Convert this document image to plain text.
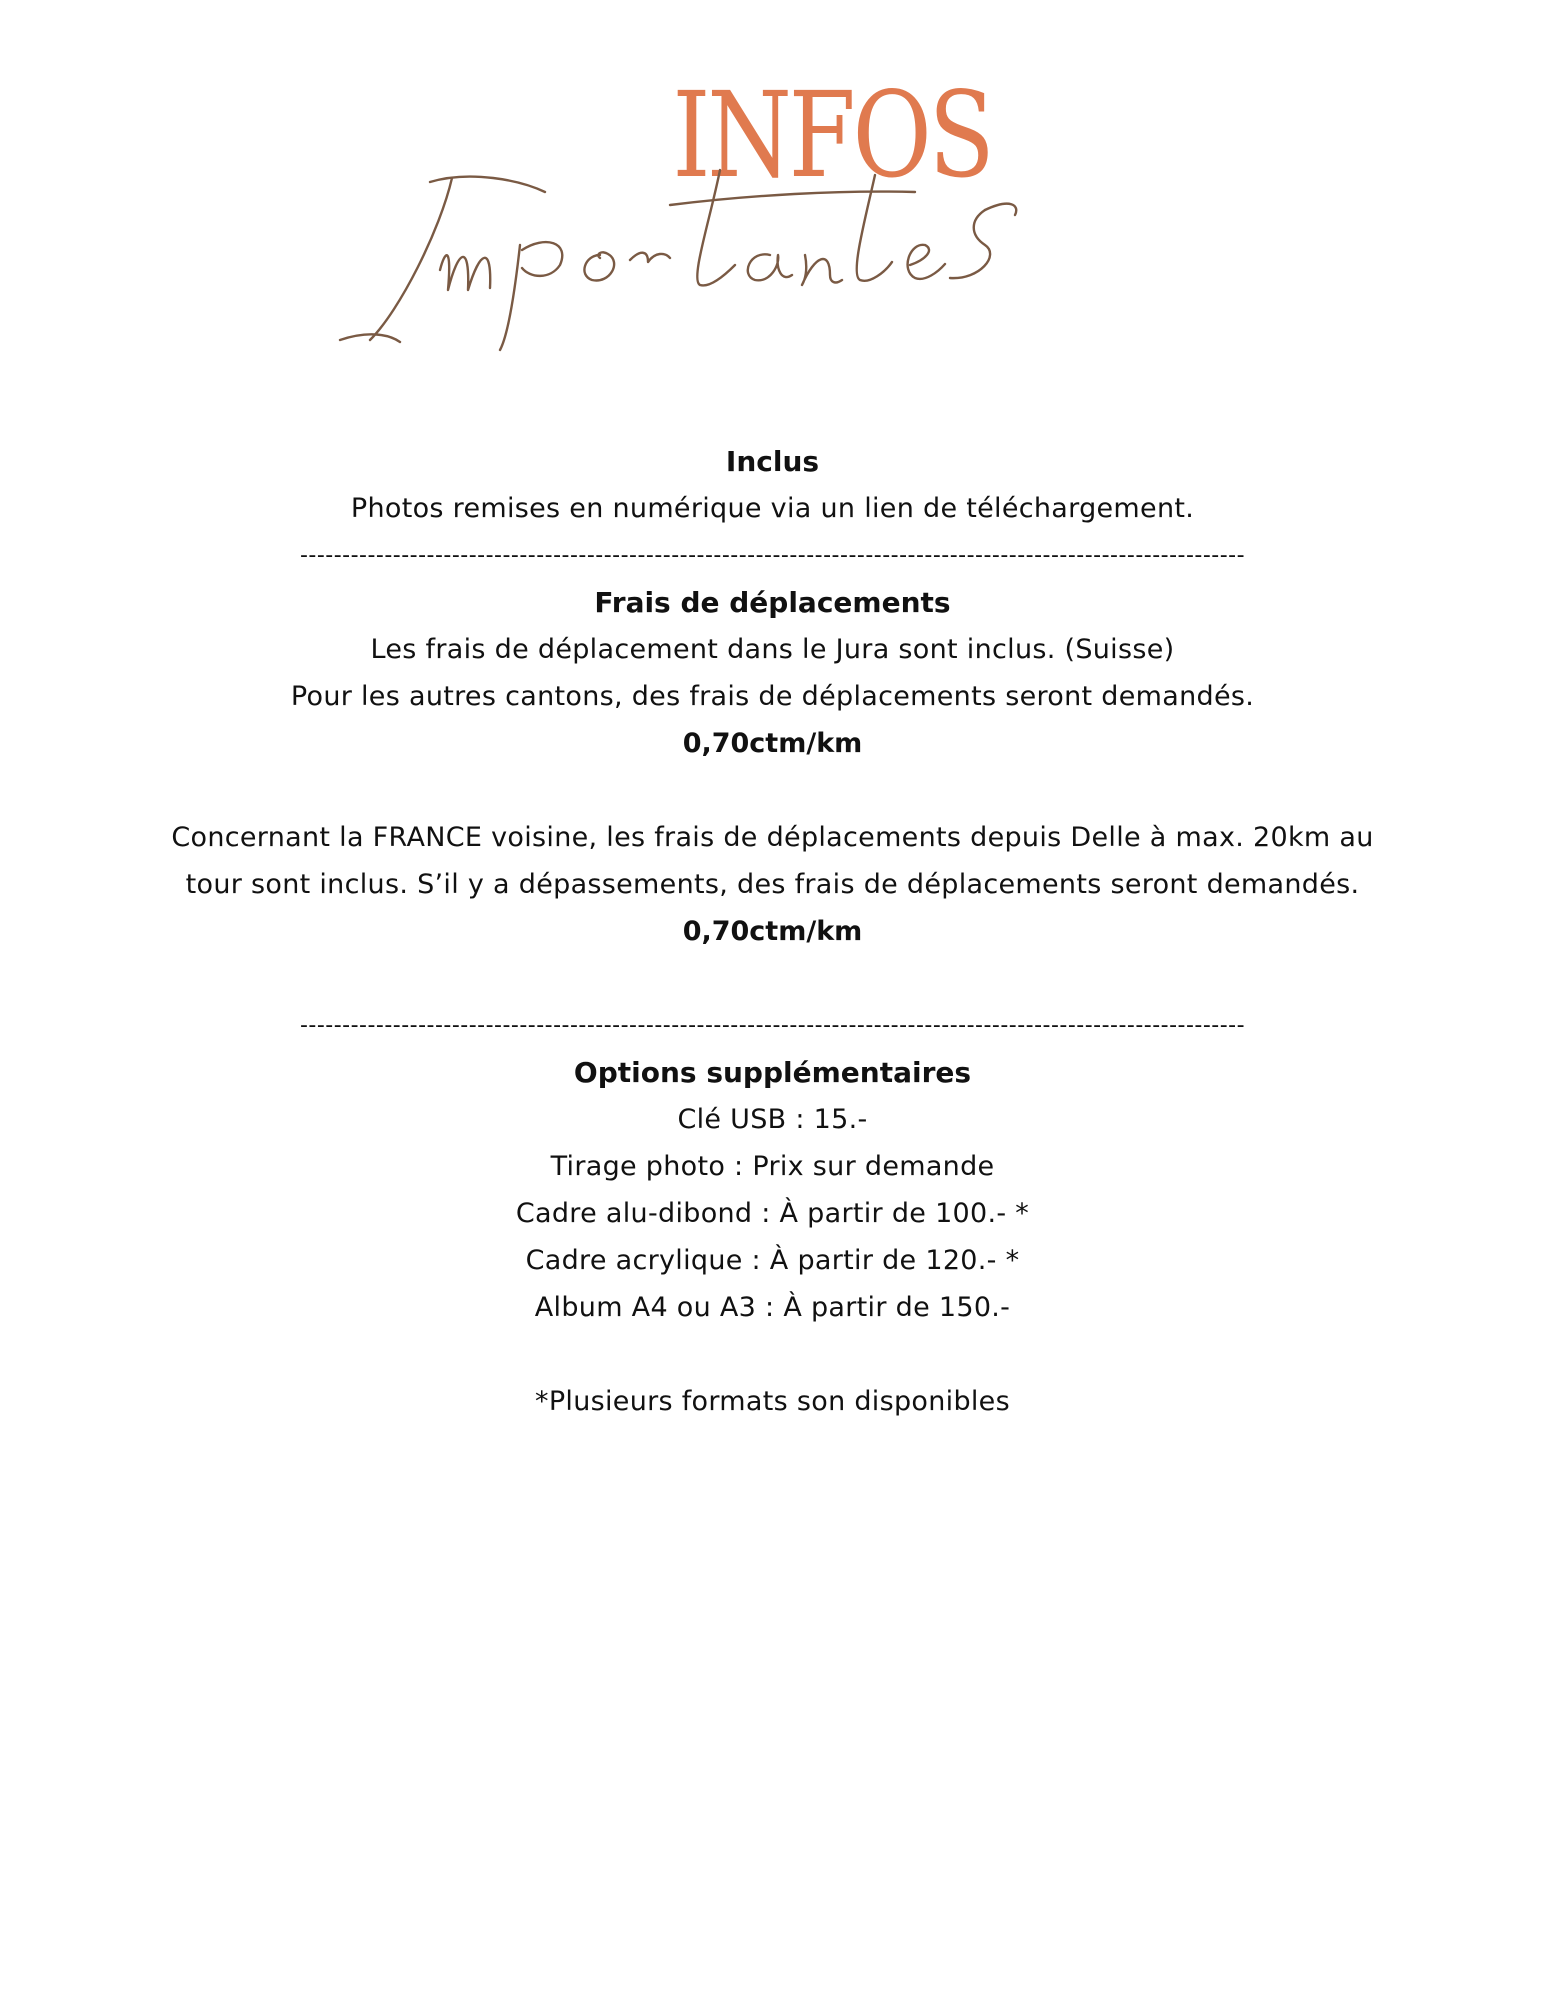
INFOS
Inclus
Photos remises en numérique via un lien de téléchargement.
----------------------------------------------------------------------------------------------------------------
Frais de déplacements
Les frais de déplacement dans le Jura sont inclus. (Suisse)
Pour les autres cantons, des frais de déplacements seront demandés.
0,70ctm/km
Concernant la FRANCE voisine, les frais de déplacements depuis Delle à max. 20km au
tour sont inclus. S’il y a dépassements, des frais de déplacements seront demandés.
0,70ctm/km
----------------------------------------------------------------------------------------------------------------
Options supplémentaires
Clé USB : 15.-
Tirage photo : Prix sur demande
Cadre alu-dibond : À partir de 100.- *
Cadre acrylique : À partir de 120.- *
Album A4 ou A3 : À partir de 150.-
*Plusieurs formats son disponibles
